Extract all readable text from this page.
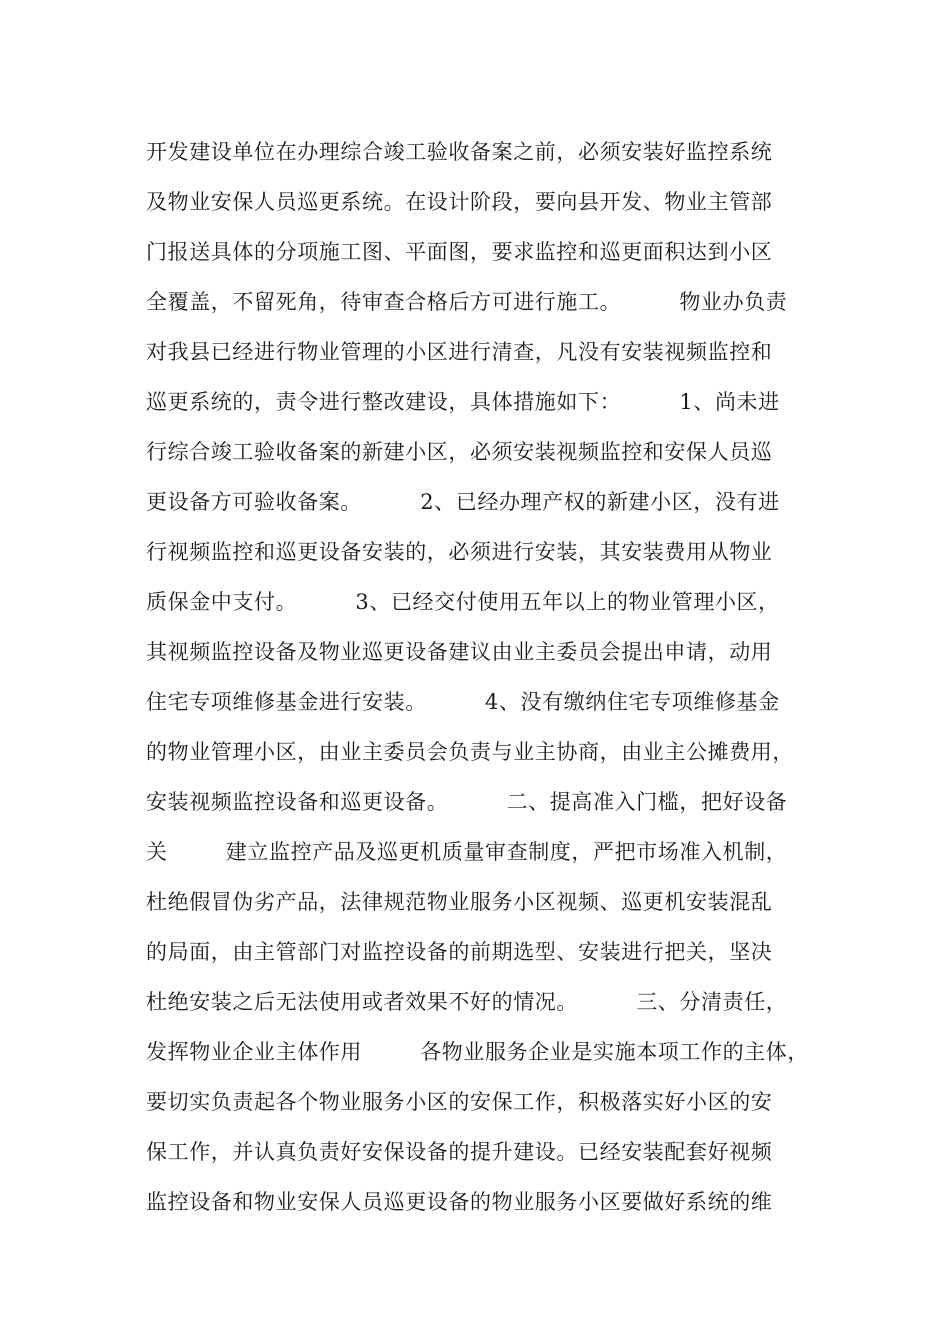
开发建设单位在办理综合竣工验收备案之前，必须安装好监控系统
及物业安保人员巡更系统。在设计阶段，要向县开发、物业主管部
门报送具体的分项施工图、平面图，要求监控和巡更面积达到小区
全覆盖，不留死角，待审查合格后方可进行施工。        物业办负责
对我县已经进行物业管理的小区进行清查，凡没有安装视频监控和
巡更系统的，责令进行整改建设，具体措施如下：        1、尚未进
行综合竣工验收备案的新建小区，必须安装视频监控和安保人员巡
更设备方可验收备案。        2、已经办理产权的新建小区，没有进
行视频监控和巡更设备安装的，必须进行安装，其安装费用从物业
质保金中支付。        3、已经交付使用五年以上的物业管理小区，
其视频监控设备及物业巡更设备建议由业主委员会提出申请，动用
住宅专项维修基金进行安装。        4、没有缴纳住宅专项维修基金
的物业管理小区，由业主委员会负责与业主协商，由业主公摊费用，
安装视频监控设备和巡更设备。        二、提高准入门槛，把好设备
关        建立监控产品及巡更机质量审查制度，严把市场准入机制，
杜绝假冒伪劣产品，法律规范物业服务小区视频、巡更机安装混乱
的局面，由主管部门对监控设备的前期选型、安装进行把关，坚决
杜绝安装之后无法使用或者效果不好的情况。        三、分清责任，
发挥物业企业主体作用        各物业服务企业是实施本项工作的主体，
要切实负责起各个物业服务小区的安保工作，积极落实好小区的安
保工作，并认真负责好安保设备的提升建设。已经安装配套好视频
监控设备和物业安保人员巡更设备的物业服务小区要做好系统的维
